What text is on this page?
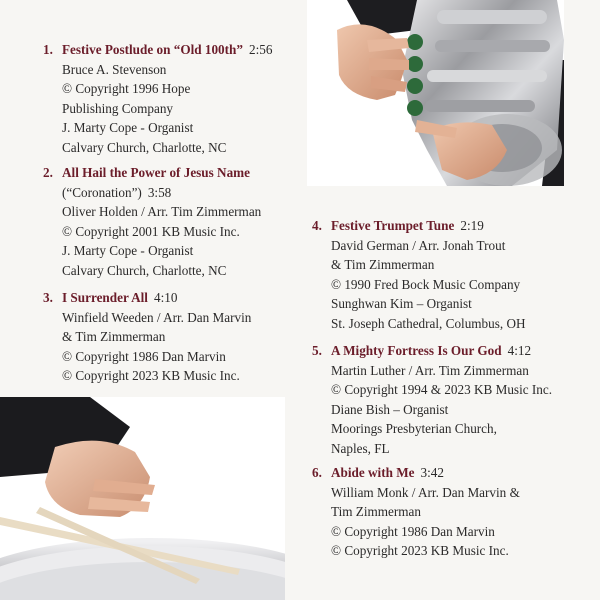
1. Festive Postlude on “Old 100th” 2:56
Bruce A. Stevenson
© Copyright 1996 Hope
Publishing Company
J. Marty Cope - Organist
Calvary Church, Charlotte, NC
2. All Hail the Power of Jesus Name
(“Coronation”) 3:58
Oliver Holden / Arr. Tim Zimmerman
© Copyright 2001 KB Music Inc.
J. Marty Cope - Organist
Calvary Church, Charlotte, NC
3. I Surrender All 4:10
Winfield Weeden / Arr. Dan Marvin
& Tim Zimmerman
© Copyright 1986 Dan Marvin
© Copyright 2023 KB Music Inc.
4. Festive Trumpet Tune 2:19
David German / Arr. Jonah Trout
& Tim Zimmerman
© 1990 Fred Bock Music Company
Sunghwan Kim – Organist
St. Joseph Cathedral, Columbus, OH
5. A Mighty Fortress Is Our God 4:12
Martin Luther / Arr. Tim Zimmerman
© Copyright 1994 & 2023 KB Music Inc.
Diane Bish – Organist
Moorings Presbyterian Church,
Naples, FL
6. Abide with Me 3:42
William Monk / Arr. Dan Marvin &
Tim Zimmerman
© Copyright 1986 Dan Marvin
© Copyright 2023 KB Music Inc.
